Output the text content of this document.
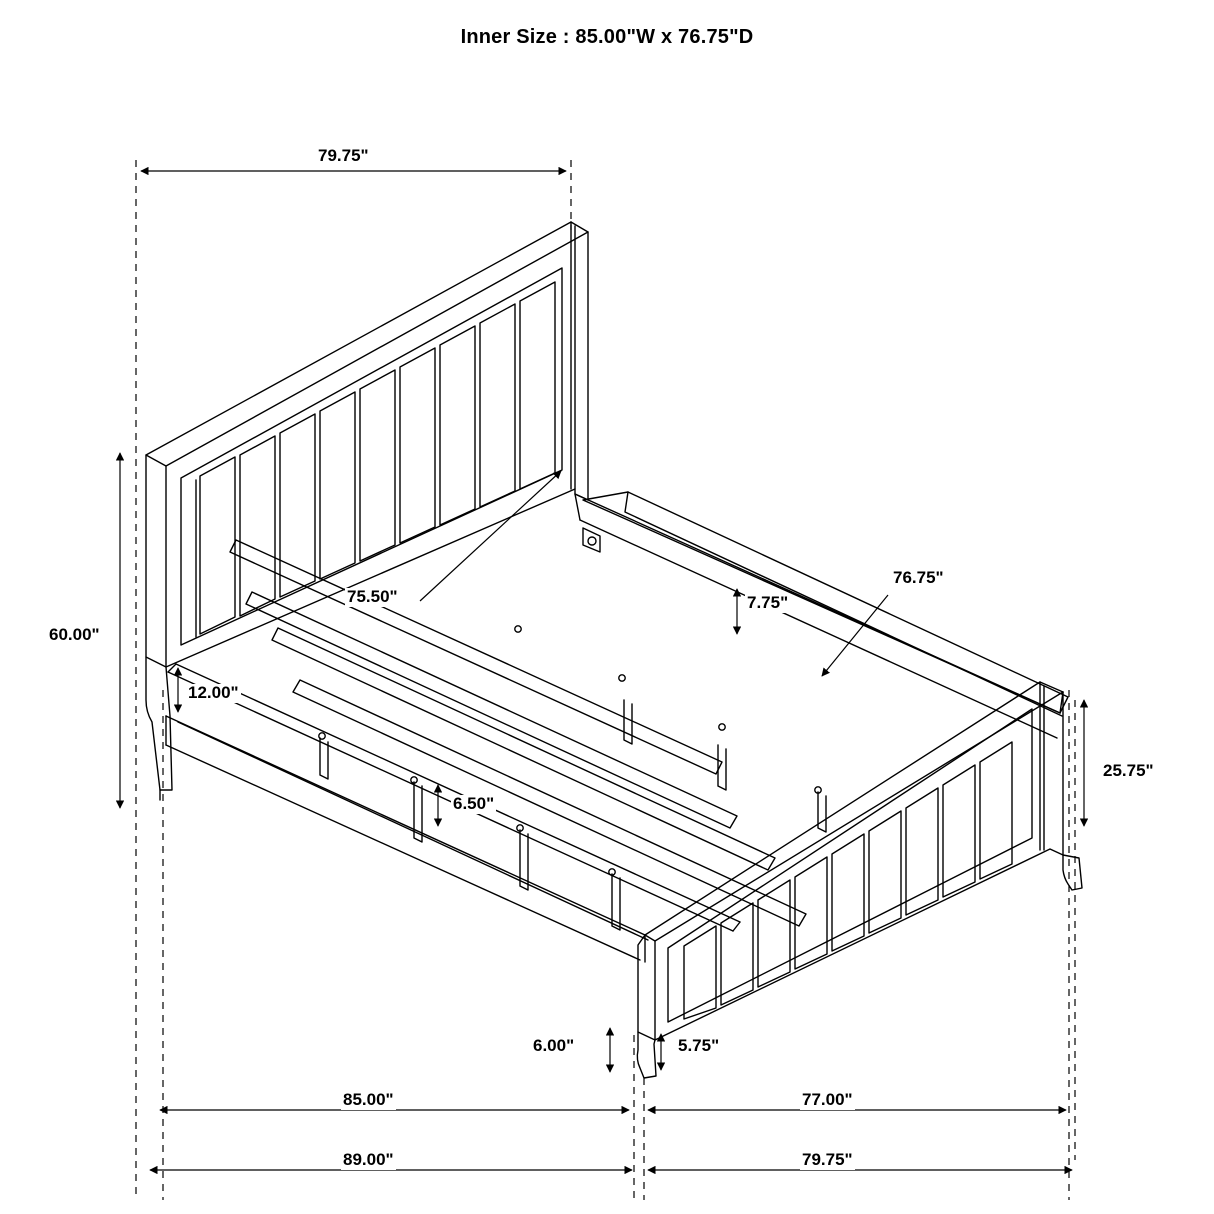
Inner Size : 85.00"W x 76.75"D
79.75"
60.00"
75.50"
12.00"
7.75"
76.75"
6.50"
25.75"
6.00"	5.75"
85.00"	77.00"
89.00"	79.75"
